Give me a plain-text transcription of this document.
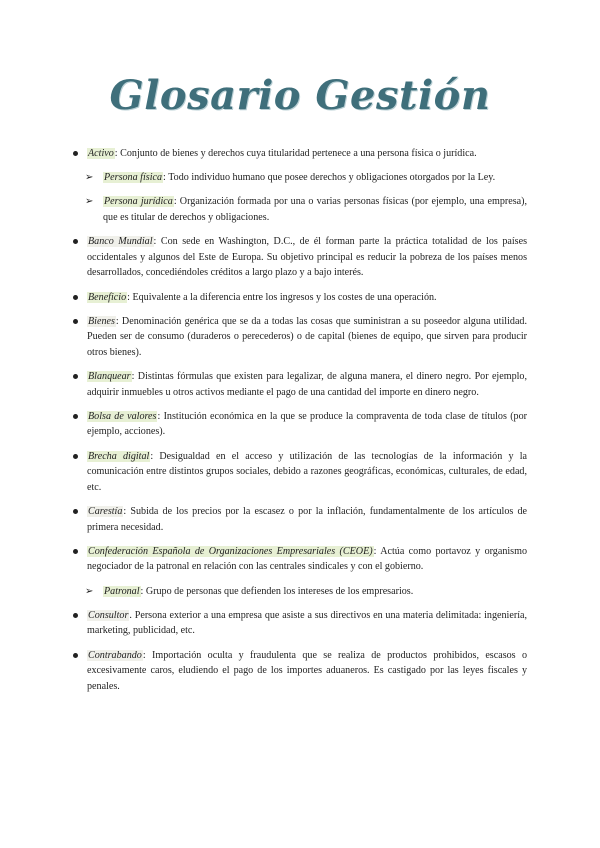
Glosario Gestión
Activo: Conjunto de bienes y derechos cuya titularidad pertenece a una persona física o jurídica.
➢ Persona física: Todo individuo humano que posee derechos y obligaciones otorgados por la Ley.
➢ Persona jurídica: Organización formada por una o varias personas físicas (por ejemplo, una empresa), que es titular de derechos y obligaciones.
Banco Mundial: Con sede en Washington, D.C., de él forman parte la práctica totalidad de los países occidentales y algunos del Este de Europa. Su objetivo principal es reducir la pobreza de los países menos desarrollados, concediéndoles créditos a largo plazo y a bajo interés.
Beneficio: Equivalente a la diferencia entre los ingresos y los costes de una operación.
Bienes: Denominación genérica que se da a todas las cosas que suministran a su poseedor alguna utilidad. Pueden ser de consumo (duraderos o perecederos) o de capital (bienes de equipo, que sirven para producir otros bienes).
Blanquear: Distintas fórmulas que existen para legalizar, de alguna manera, el dinero negro. Por ejemplo, adquirir inmuebles u otros activos mediante el pago de una cantidad del importe en dinero negro.
Bolsa de valores: Institución económica en la que se produce la compraventa de toda clase de títulos (por ejemplo, acciones).
Brecha digital: Desigualdad en el acceso y utilización de las tecnologías de la información y la comunicación entre distintos grupos sociales, debido a razones geográficas, económicas, culturales, de edad, etc.
Carestía: Subida de los precios por la escasez o por la inflación, fundamentalmente de los artículos de primera necesidad.
Confederación Española de Organizaciones Empresariales (CEOE): Actúa como portavoz y organismo negociador de la patronal en relación con las centrales sindicales y con el gobierno.
➢ Patronal: Grupo de personas que defienden los intereses de los empresarios.
Consultor. Persona exterior a una empresa que asiste a sus directivos en una materia delimitada: ingeniería, marketing, publicidad, etc.
Contrabando: Importación oculta y fraudulenta que se realiza de productos prohibidos, escasos o excesivamente caros, eludiendo el pago de los importes aduaneros. Es castigado por las leyes fiscales y penales.
